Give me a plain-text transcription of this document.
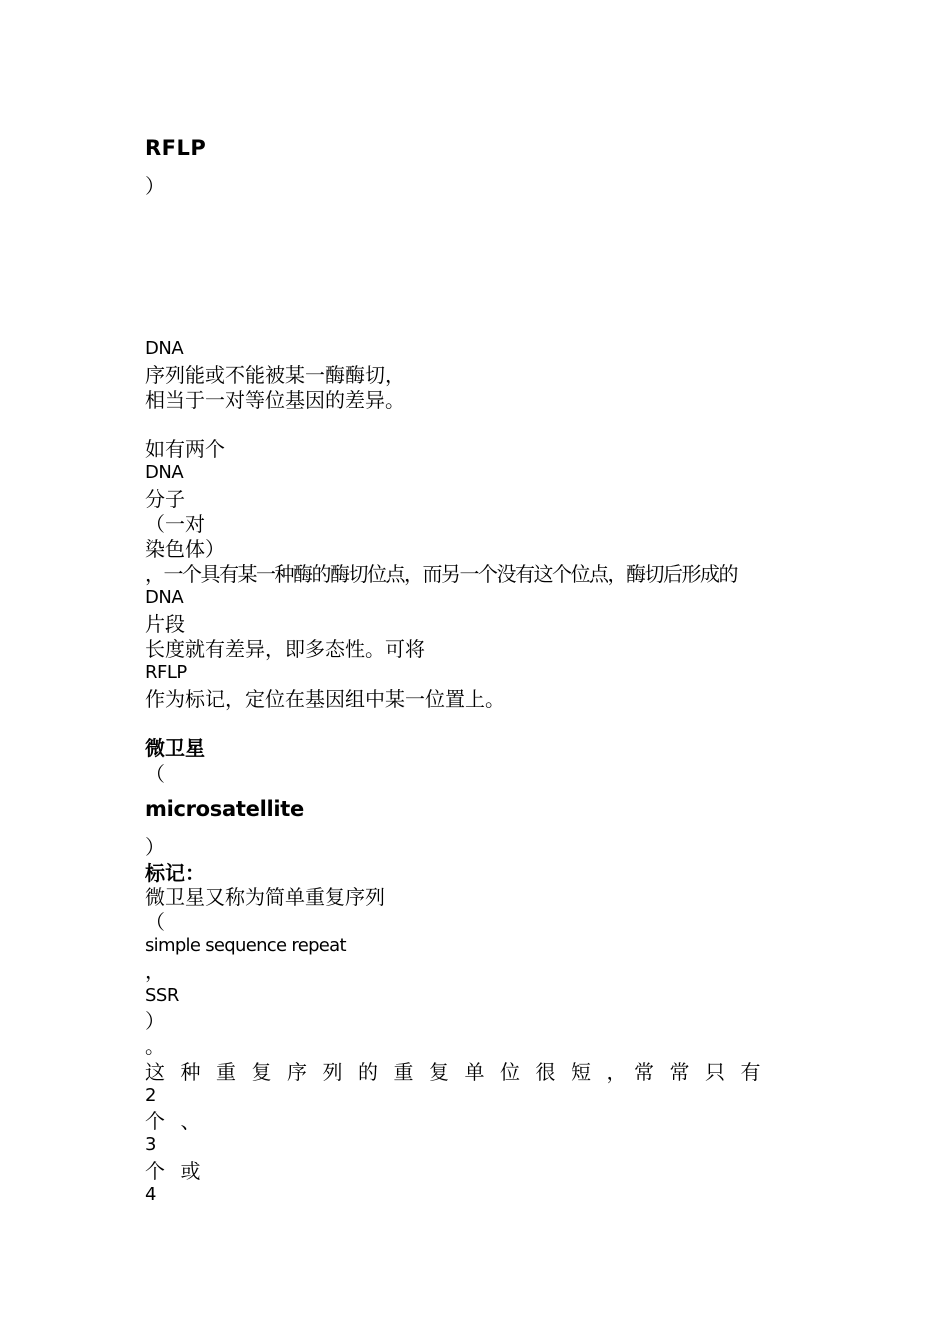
RFLP
）
DNA
序列能或不能被某一酶酶切，
相当于一对等位基因的差异。
如有两个
DNA
分子
（一对
染色体）
，一个具有某一种酶的酶切位点，而另一个没有这个位点，酶切后形成的
DNA
片段
长度就有差异，即多态性。可将
RFLP
作为标记，定位在基因组中某一位置上。
微卫星
（
microsatellite
）
标记：
微卫星又称为简单重复序列
（
simple sequence repeat
，
SSR
）
。
这种重复序列的重复单位很短，
常常只有
2
个、
3
个或
4
